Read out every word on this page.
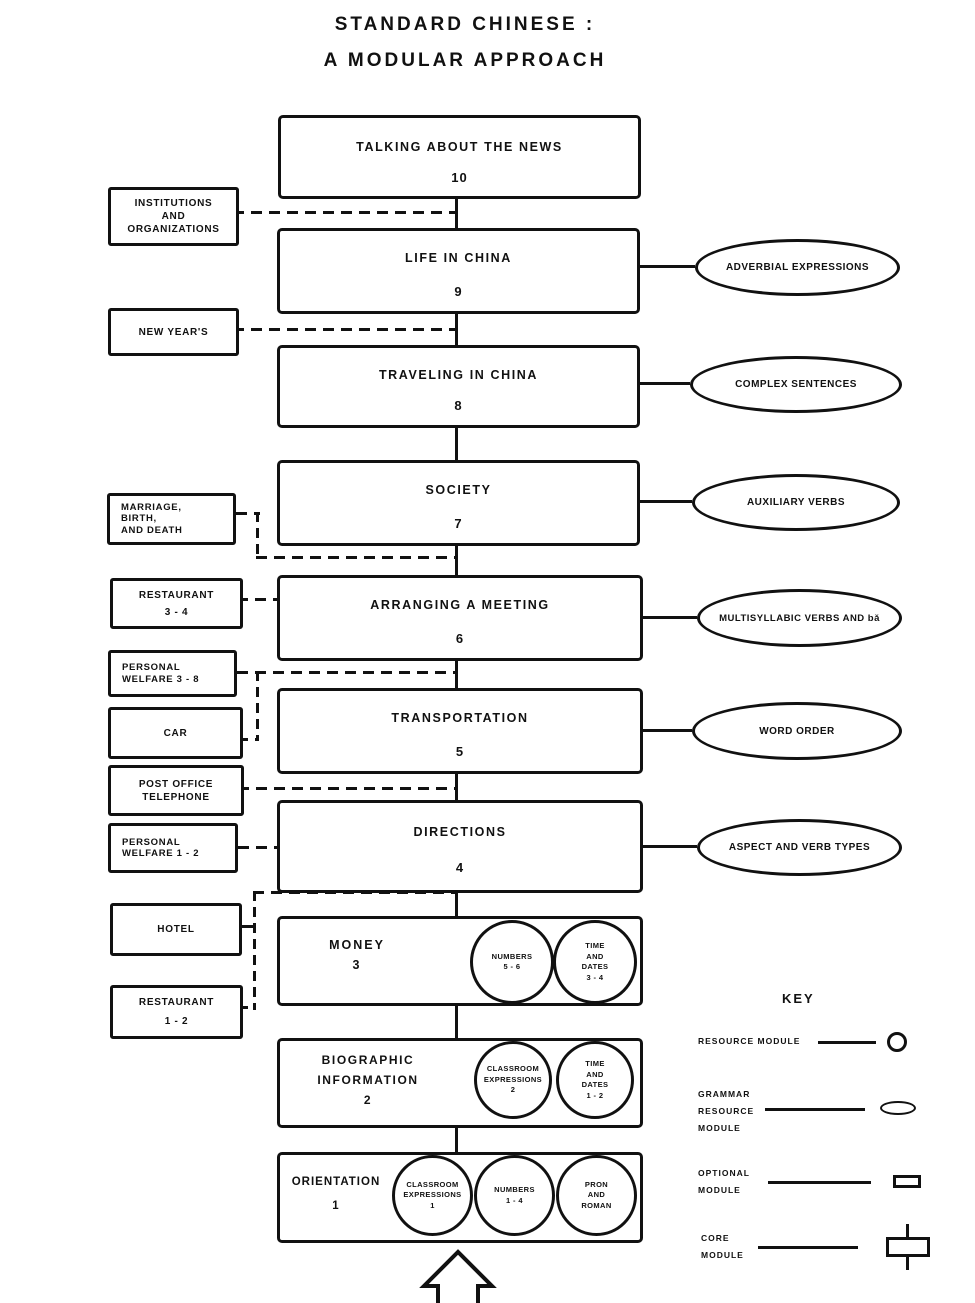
STANDARD CHINESE :
A MODULAR APPROACH
TALKING ABOUT THE NEWS
10
LIFE IN CHINA
9
TRAVELING IN CHINA
8
SOCIETY
7
ARRANGING A MEETING
6
TRANSPORTATION
5
DIRECTIONS
4
MONEY
3
NUMBERS
5 - 6
TIME
AND
DATES
3 - 4
BIOGRAPHIC
INFORMATION
2
CLASSROOM
EXPRESSIONS
2
TIME
AND
DATES
1 - 2
ORIENTATION
1
CLASSROOM
EXPRESSIONS
1
NUMBERS
1 - 4
PRON
AND
ROMAN
INSTITUTIONS
AND
ORGANIZATIONS
NEW YEAR'S
MARRIAGE,
BIRTH,
AND DEATH
RESTAURANT
3 - 4
PERSONAL
WELFARE 3 - 8
CAR
POST OFFICE
TELEPHONE
PERSONAL
WELFARE 1 - 2
HOTEL
RESTAURANT
1 - 2
ADVERBIAL EXPRESSIONS
COMPLEX SENTENCES
AUXILIARY VERBS
MULTISYLLABIC VERBS AND bǎ
WORD ORDER
ASPECT AND VERB TYPES
KEY
RESOURCE MODULE
GRAMMAR
RESOURCE
MODULE
OPTIONAL
MODULE
CORE
MODULE
